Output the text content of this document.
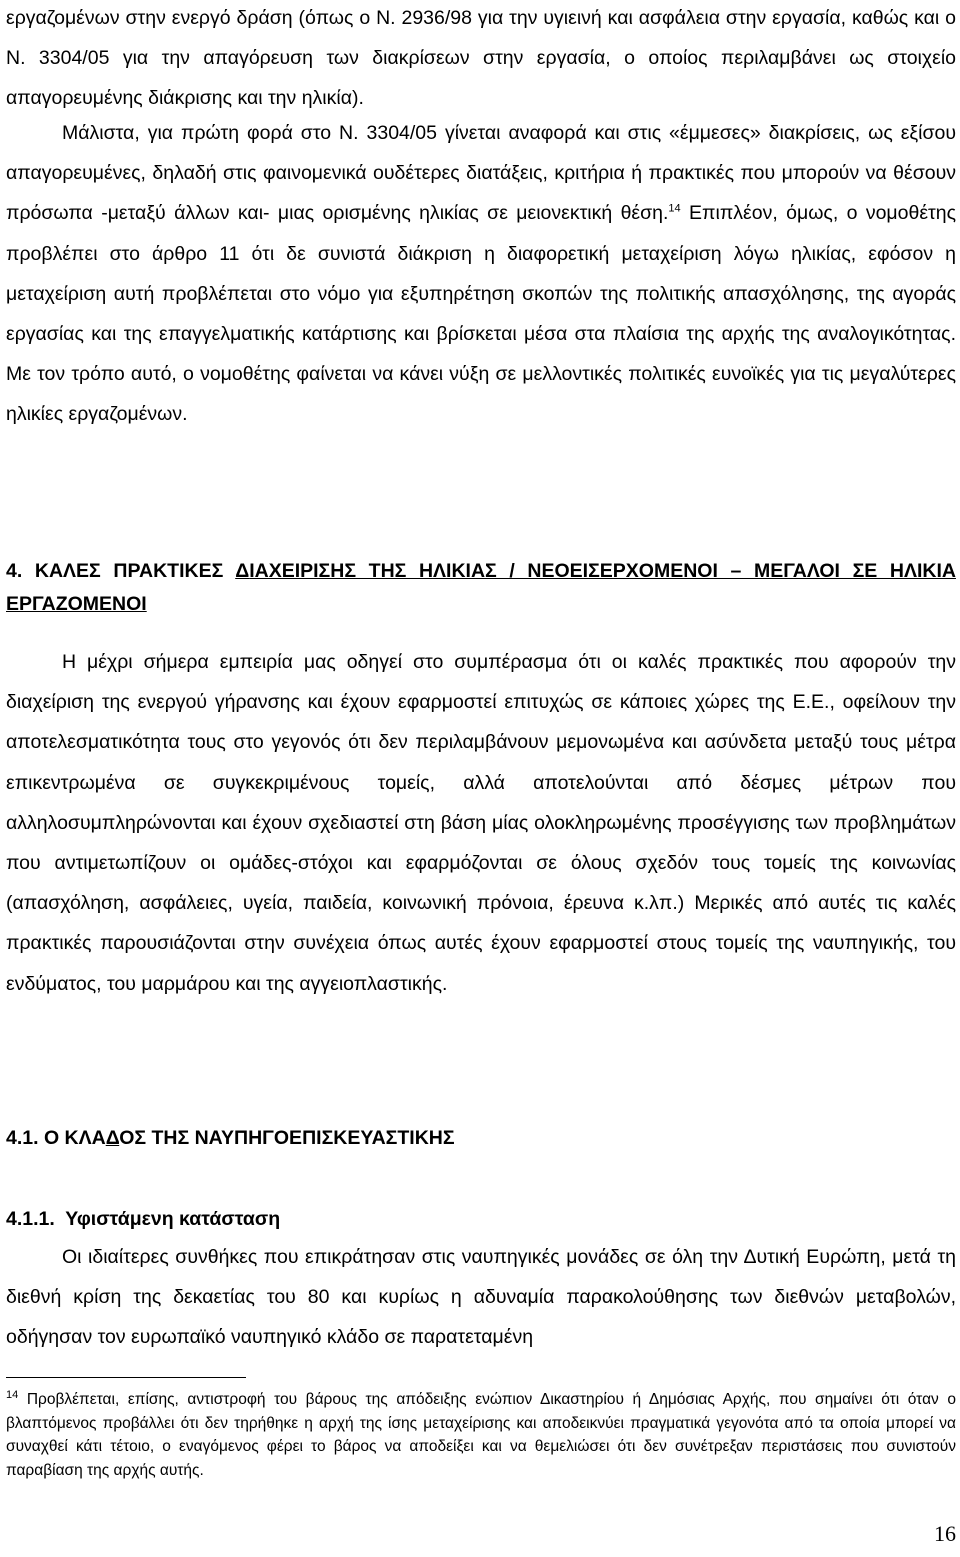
εργαζομένων στην ενεργό δράση (όπως ο Ν. 2936/98 για την υγιεινή και ασφάλεια στην εργασία, καθώς και ο Ν. 3304/05 για την απαγόρευση των διακρίσεων στην εργασία, ο οποίος περιλαμβάνει ως στοιχείο απαγορευμένης διάκρισης και την ηλικία).

Μάλιστα, για πρώτη φορά στο Ν. 3304/05 γίνεται αναφορά και στις «έμμεσες» διακρίσεις, ως εξίσου απαγορευμένες, δηλαδή στις φαινομενικά ουδέτερες διατάξεις, κριτήρια ή πρακτικές που μπορούν να θέσουν πρόσωπα -μεταξύ άλλων και- μιας ορισμένης ηλικίας σε μειονεκτική θέση.$^{14}$ Επιπλέον, όμως, ο νομοθέτης προβλέπει στο άρθρο 11 ότι δε συνιστά διάκριση η διαφορετική μεταχείριση λόγω ηλικίας, εφόσον η μεταχείριση αυτή προβλέπεται στο νόμο για εξυπηρέτηση σκοπών της πολιτικής απασχόλησης, της αγοράς εργασίας και της επαγγελματικής κατάρτισης και βρίσκεται μέσα στα πλαίσια της αρχής της αναλογικότητας. Με τον τρόπο αυτό, ο νομοθέτης φαίνεται να κάνει νύξη σε μελλοντικές πολιτικές ευνοϊκές για τις μεγαλύτερες ηλικίες εργαζομένων.

4. ΚΑΛΕΣ ΠΡΑΚΤΙΚΕΣ ΔΙΑΧΕΙΡΙΣΗΣ ΤΗΣ ΗΛΙΚΙΑΣ / ΝΕΟΕΙΣΕΡΧΟΜΕΝΟΙ – ΜΕΓΑΛΟΙ ΣΕ ΗΛΙΚΙΑ ΕΡΓΑΖΟΜΕΝΟΙ

Η μέχρι σήμερα εμπειρία μας οδηγεί στο συμπέρασμα ότι οι καλές πρακτικές που αφορούν την διαχείριση της ενεργού γήρανσης και έχουν εφαρμοστεί επιτυχώς σε κάποιες χώρες της Ε.Ε., οφείλουν την αποτελεσματικότητα τους στο γεγονός ότι δεν περιλαμβάνουν μεμονωμένα και ασύνδετα μεταξύ τους μέτρα επικεντρωμένα σε συγκεκριμένους τομείς, αλλά αποτελούνται από δέσμες μέτρων που αλληλοσυμπληρώνονται και έχουν σχεδιαστεί στη βάση μίας ολοκληρωμένης προσέγγισης των προβλημάτων που αντιμετωπίζουν οι ομάδες-στόχοι και εφαρμόζονται σε όλους σχεδόν τους τομείς της κοινωνίας (απασχόληση, ασφάλειες, υγεία, παιδεία, κοινωνική πρόνοια, έρευνα κ.λπ.) Μερικές από αυτές τις καλές πρακτικές παρουσιάζονται στην συνέχεια όπως αυτές έχουν εφαρμοστεί στους τομείς της ναυπηγικής, του ενδύματος, του μαρμάρου και της αγγειοπλαστικής.

4.1. Ο ΚΛΑΔΟΣ ΤΗΣ ΝΑΥΠΗΓΟΕΠΙΣΚΕΥΑΣΤΙΚΗΣ
4.1.1. Υφιστάμενη κατάσταση

Οι ιδιαίτερες συνθήκες που επικράτησαν στις ναυπηγικές μονάδες σε όλη την Δυτική Ευρώπη, μετά τη διεθνή κρίση της δεκαετίας του 80 και κυρίως η αδυναμία παρακολούθησης των διεθνών μεταβολών, οδήγησαν τον ευρωπαϊκό ναυπηγικό κλάδο σε παρατεταμένη

$^{14}$ Προβλέπεται, επίσης, αντιστροφή του βάρους της απόδειξης ενώπιον Δικαστηρίου ή Δημόσιας Αρχής, που σημαίνει ότι όταν ο βλαπτόμενος προβάλλει ότι δεν τηρήθηκε η αρχή της ίσης μεταχείρισης και αποδεικνύει πραγματικά γεγονότα από τα οποία μπορεί να συναχθεί κάτι τέτοιο, ο εναγόμενος φέρει το βάρος να αποδείξει και να θεμελιώσει ότι δεν συνέτρεξαν περιστάσεις που συνιστούν παραβίαση της αρχής αυτής.

16
